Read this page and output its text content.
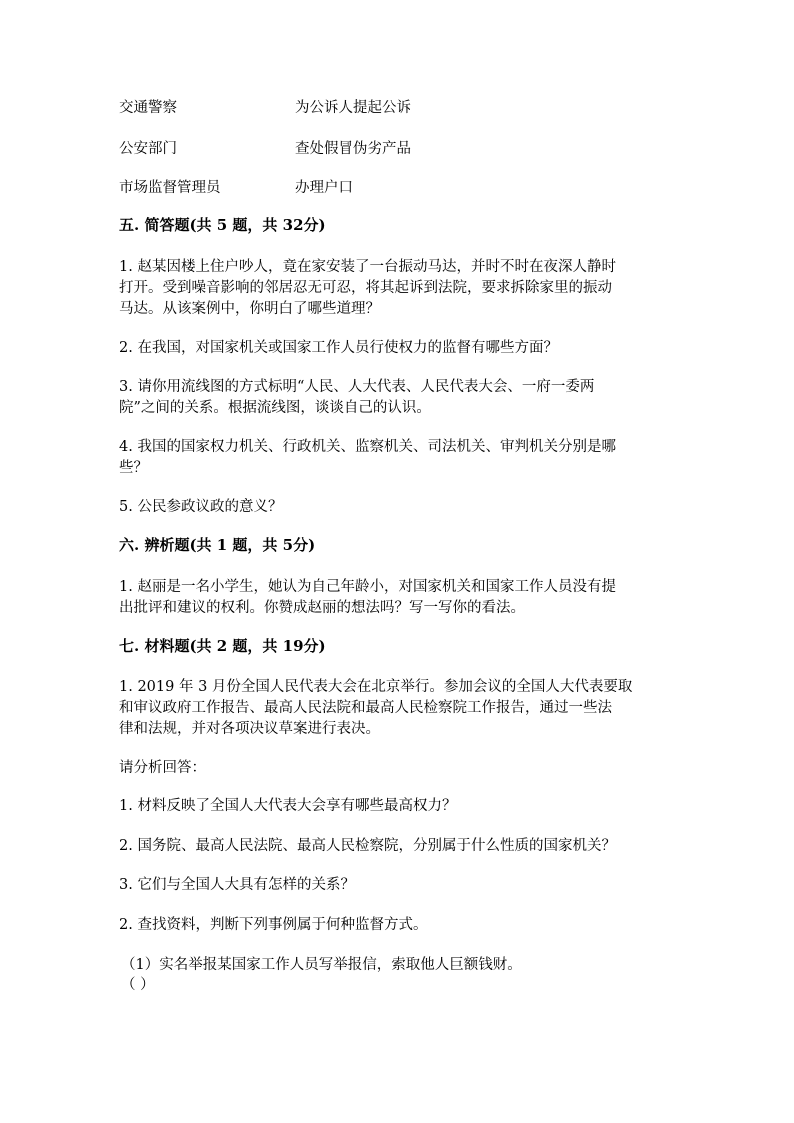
交通警察	为公诉人提起公诉
公安部门	查处假冒伪劣产品
市场监督管理员	办理户口
五. 简答题(共 5 题，共 32分)
1. 赵某因楼上住户吵人，竟在家安装了一台振动马达，并时不时在夜深人静时
打开。受到噪音影响的邻居忍无可忍，将其起诉到法院，要求拆除家里的振动
马达。从该案例中，你明白了哪些道理？
2. 在我国，对国家机关或国家工作人员行使权力的监督有哪些方面？
3. 请你用流线图的方式标明“人民、人大代表、人民代表大会、一府一委两
院”之间的关系。根据流线图，谈谈自己的认识。
4. 我国的国家权力机关、行政机关、监察机关、司法机关、审判机关分别是哪
些？
5. 公民参政议政的意义？
六. 辨析题(共 1 题，共 5分)
1. 赵丽是一名小学生，她认为自己年龄小，对国家机关和国家工作人员没有提
出批评和建议的权利。你赞成赵丽的想法吗？写一写你的看法。
七. 材料题(共 2 题，共 19分)
1. 2019 年 3 月份全国人民代表大会在北京举行。参加会议的全国人大代表要取
和审议政府工作报告、最高人民法院和最高人民检察院工作报告，通过一些法
律和法规，并对各项决议草案进行表决。
请分析回答：
1. 材料反映了全国人大代表大会享有哪些最高权力？
2. 国务院、最高人民法院、最高人民检察院，分别属于什么性质的国家机关？
3. 它们与全国人大具有怎样的关系？
2. 查找资料，判断下列事例属于何种监督方式。
（1）实名举报某国家工作人员写举报信，索取他人巨额钱财。
（ ）
